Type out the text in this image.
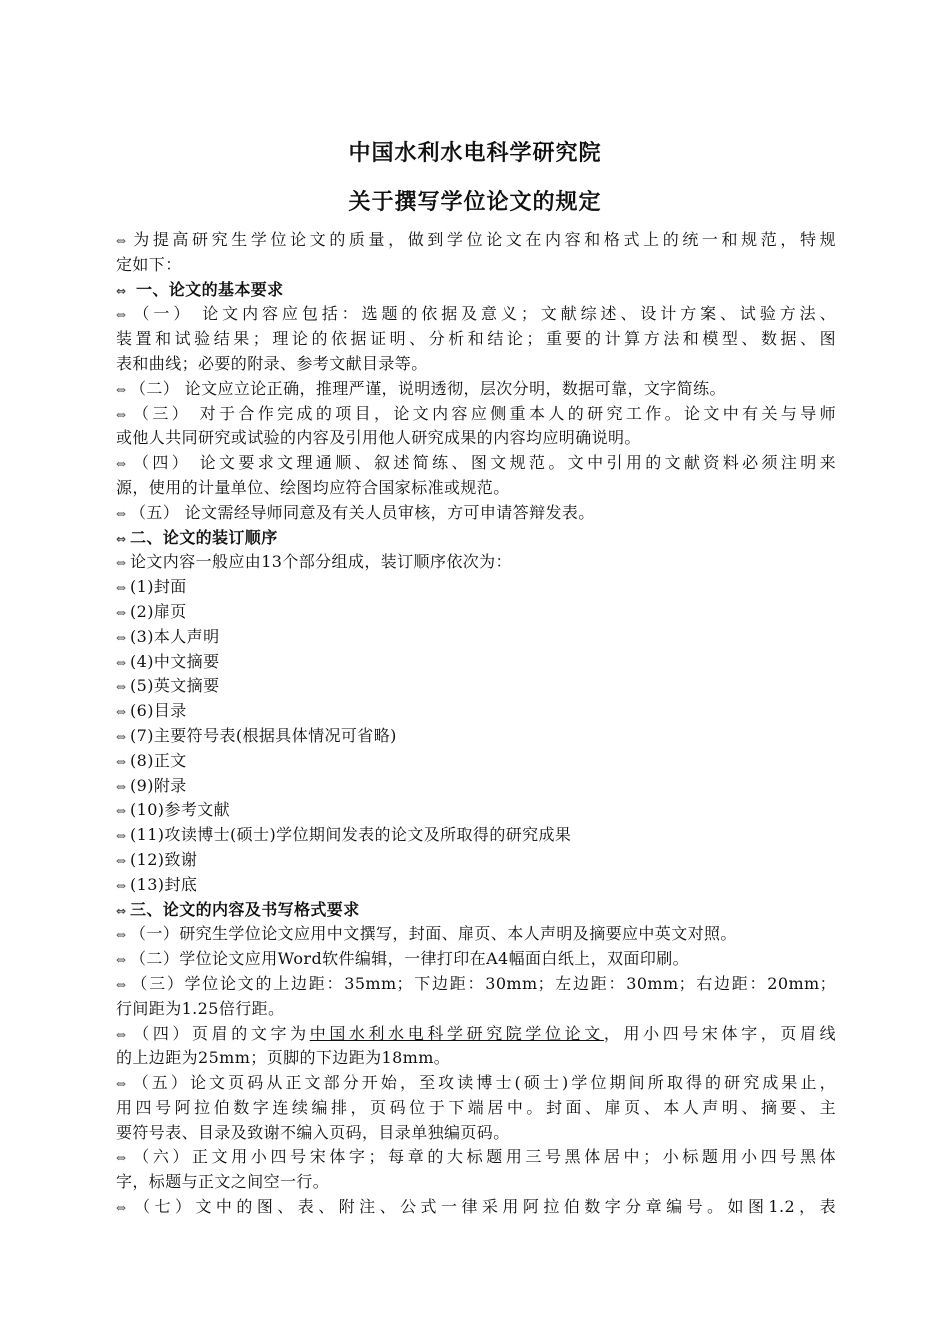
中国水利水电科学研究院
关于撰写学位论文的规定
⇔ 为提高研究生学位论文的质量，做到学位论文在内容和格式上的统一和规范，特规
定如下：
⇔ 一、论文的基本要求
⇔ （一） 论文内容应包括：选题的依据及意义；文献综述、设计方案、试验方法、
装置和试验结果；理论的依据证明、分析和结论；重要的计算方法和模型、数据、图
表和曲线；必要的附录、参考文献目录等。
⇔ （二） 论文应立论正确，推理严谨，说明透彻，层次分明，数据可靠，文字简练。
⇔ （三） 对于合作完成的项目，论文内容应侧重本人的研究工作。论文中有关与导师
或他人共同研究或试验的内容及引用他人研究成果的内容均应明确说明。
⇔ （四） 论文要求文理通顺、叙述简练、图文规范。文中引用的文献资料必须注明来
源，使用的计量单位、绘图均应符合国家标准或规范。
⇔ （五） 论文需经导师同意及有关人员审核，方可申请答辩发表。
⇔ 二、论文的装订顺序
⇔ 论文内容一般应由13个部分组成，装订顺序依次为：
⇔ (1)封面
⇔ (2)扉页
⇔ (3)本人声明
⇔ (4)中文摘要
⇔ (5)英文摘要
⇔ (6)目录
⇔ (7)主要符号表(根据具体情况可省略)
⇔ (8)正文
⇔ (9)附录
⇔ (10)参考文献
⇔ (11)攻读博士(硕士)学位期间发表的论文及所取得的研究成果
⇔ (12)致谢
⇔ (13)封底
⇔ 三、论文的内容及书写格式要求
⇔ （一）研究生学位论文应用中文撰写，封面、扉页、本人声明及摘要应中英文对照。
⇔ （二）学位论文应用Word软件编辑，一律打印在A4幅面白纸上，双面印刷。
⇔ （三）学位论文的上边距：35mm；下边距：30mm；左边距：30mm；右边距：20mm；
行间距为1.25倍行距。
⇔ （四）页眉的文字为中国水利水电科学研究院学位论文，用小四号宋体字，页眉线
的上边距为25mm；页脚的下边距为18mm。
⇔ （五）论文页码从正文部分开始，至攻读博士(硕士)学位期间所取得的研究成果止，
用四号阿拉伯数字连续编排，页码位于下端居中。封面、扉页、本人声明、摘要、主
要符号表、目录及致谢不编入页码，目录单独编页码。
⇔ （六）正文用小四号宋体字；每章的大标题用三号黑体居中；小标题用小四号黑体
字，标题与正文之间空一行。
⇔ （七）文中的图、表、附注、公式一律采用阿拉伯数字分章编号。如图1.2，表
